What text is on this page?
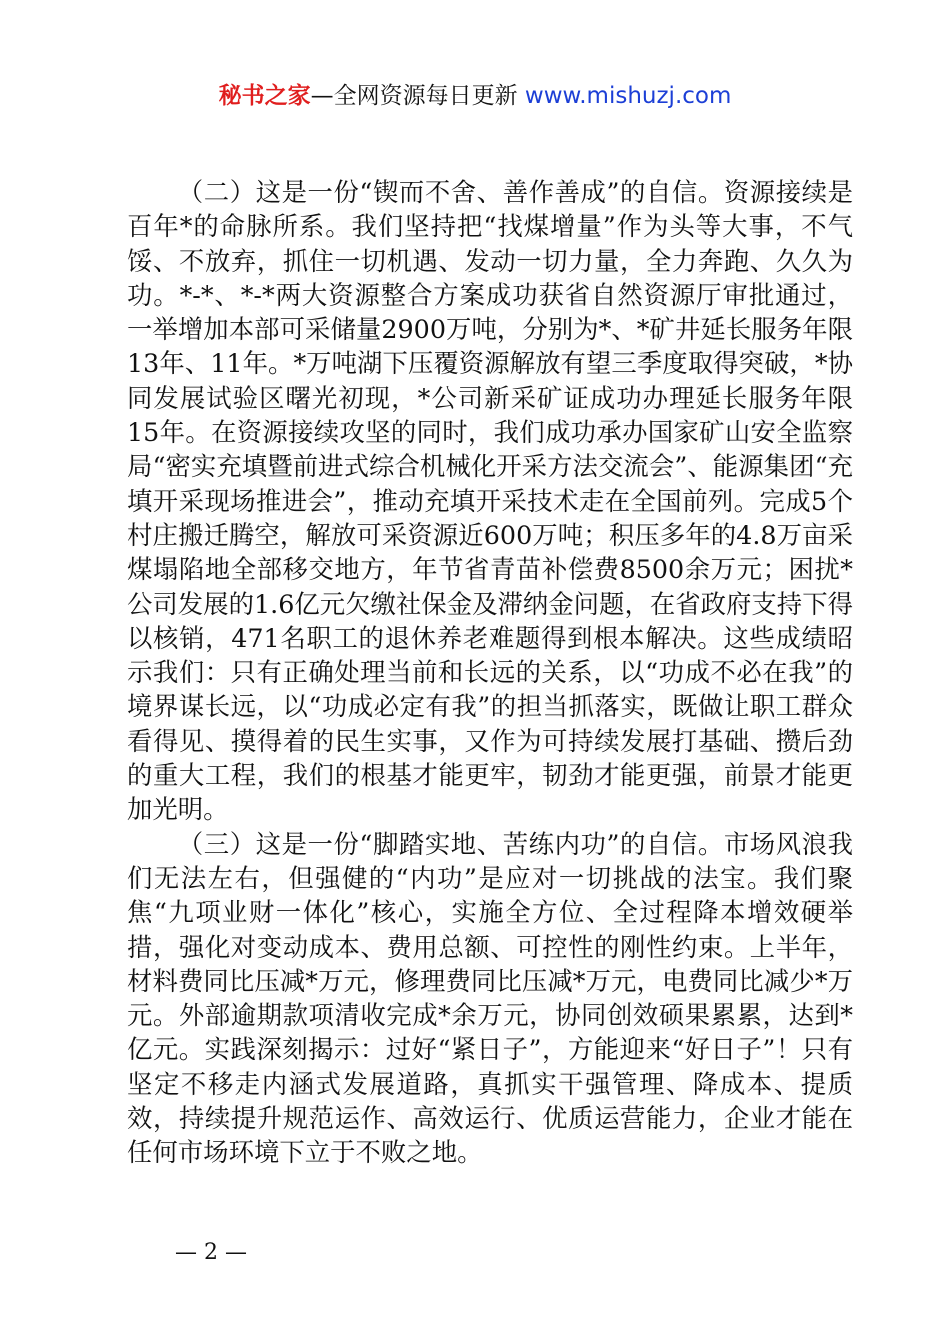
秘书之家—全网资源每日更新 www.mishuzj.com

（二）这是一份“锲而不舍、善作善成”的自信。资源接续是百年*的命脉所系。我们坚持把“找煤增量”作为头等大事，不气馁、不放弃，抓住一切机遇、发动一切力量，全力奔跑、久久为功。*-*、*-*两大资源整合方案成功获省自然资源厅审批通过，一举增加本部可采储量2900万吨，分别为*、*矿井延长服务年限13年、11年。*万吨湖下压覆资源解放有望三季度取得突破，*协同发展试验区曙光初现，*公司新采矿证成功办理延长服务年限15年。在资源接续攻坚的同时，我们成功承办国家矿山安全监察局“密实充填暨前进式综合机械化开采方法交流会”、能源集团“充填开采现场推进会”，推动充填开采技术走在全国前列。完成5个村庄搬迁腾空，解放可采资源近600万吨；积压多年的4.8万亩采煤塌陷地全部移交地方，年节省青苗补偿费8500余万元；困扰*公司发展的1.6亿元欠缴社保金及滞纳金问题，在省政府支持下得以核销，471名职工的退休养老难题得到根本解决。这些成绩昭示我们：只有正确处理当前和长远的关系，以“功成不必在我”的境界谋长远，以“功成必定有我”的担当抓落实，既做让职工群众看得见、摸得着的民生实事，又作为可持续发展打基础、攒后劲的重大工程，我们的根基才能更牢，韧劲才能更强，前景才能更加光明。

（三）这是一份“脚踏实地、苦练内功”的自信。市场风浪我们无法左右，但强健的“内功”是应对一切挑战的法宝。我们聚焦“九项业财一体化”核心，实施全方位、全过程降本增效硬举措，强化对变动成本、费用总额、可控性的刚性约束。上半年，材料费同比压减*万元，修理费同比压减*万元，电费同比减少*万元。外部逾期款项清收完成*余万元，协同创效硕果累累，达到*亿元。实践深刻揭示：过好“紧日子”，方能迎来“好日子”！只有坚定不移走内涵式发展道路，真抓实干强管理、降成本、提质效，持续提升规范运作、高效运行、优质运营能力，企业才能在任何市场环境下立于不败之地。

— 2 —
